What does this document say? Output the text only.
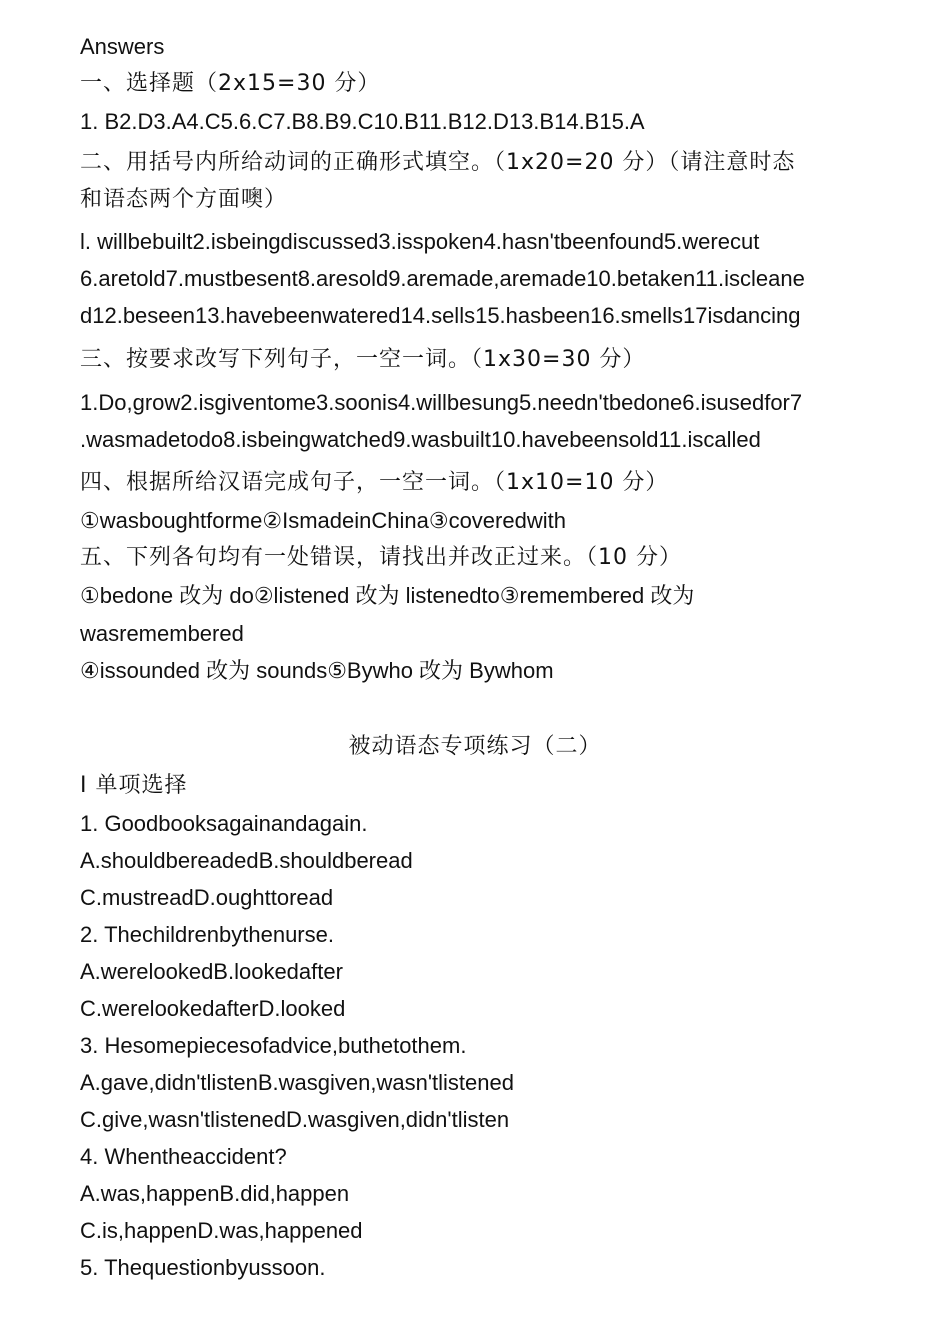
Answers

一、选择题（2x15=30 分）

1. B2.D3.A4.C5.6.C7.B8.B9.C10.B11.B12.D13.B14.B15.A

二、用括号内所给动词的正确形式填空。（1x20=20 分）（请注意时态

和语态两个方面噢）

l. willbebuilt2.isbeingdiscussed3.isspoken4.hasn'tbeenfound5.werecut

6.aretold7.mustbesent8.aresold9.aremade,aremade10.betaken11.iscleane

d12.beseen13.havebeenwatered14.sells15.hasbeen16.smells17isdancing

三、按要求改写下列句子，一空一词。（1x30=30 分）

1.Do,grow2.isgiventome3.soonis4.willbesung5.needn'tbedone6.isusedfor7

.wasmadetodo8.isbeingwatched9.wasbuilt10.havebeensold11.iscalled

四、根据所给汉语完成句子，一空一词。（1x10=10 分）

①wasboughtforme②IsmadeinChina③coveredwith

五、下列各句均有一处错误，请找出并改正过来。（10 分）

①bedone 改为 do②listened 改为 listenedto③remembered 改为

wasremembered

④issounded 改为 sounds⑤Bywho 改为 Bywhom

被动语态专项练习（二）

I 单项选择

1. Goodbooksagainandagain.

A.shouldbereadedB.shouldberead

C.mustreadD.oughttoread

2. Thechildrenbythenurse.

A.werelookedB.lookedafter

C.werelookedafterD.looked

3. Hesomepiecesofadvice,buthetothem.

A.gave,didn'tlistenB.wasgiven,wasn'tlistened

C.give,wasn'tlistenedD.wasgiven,didn'tlisten

4. Whentheaccident?

A.was,happenB.did,happen

C.is,happenD.was,happened

5. Thequestionbyussoon.
